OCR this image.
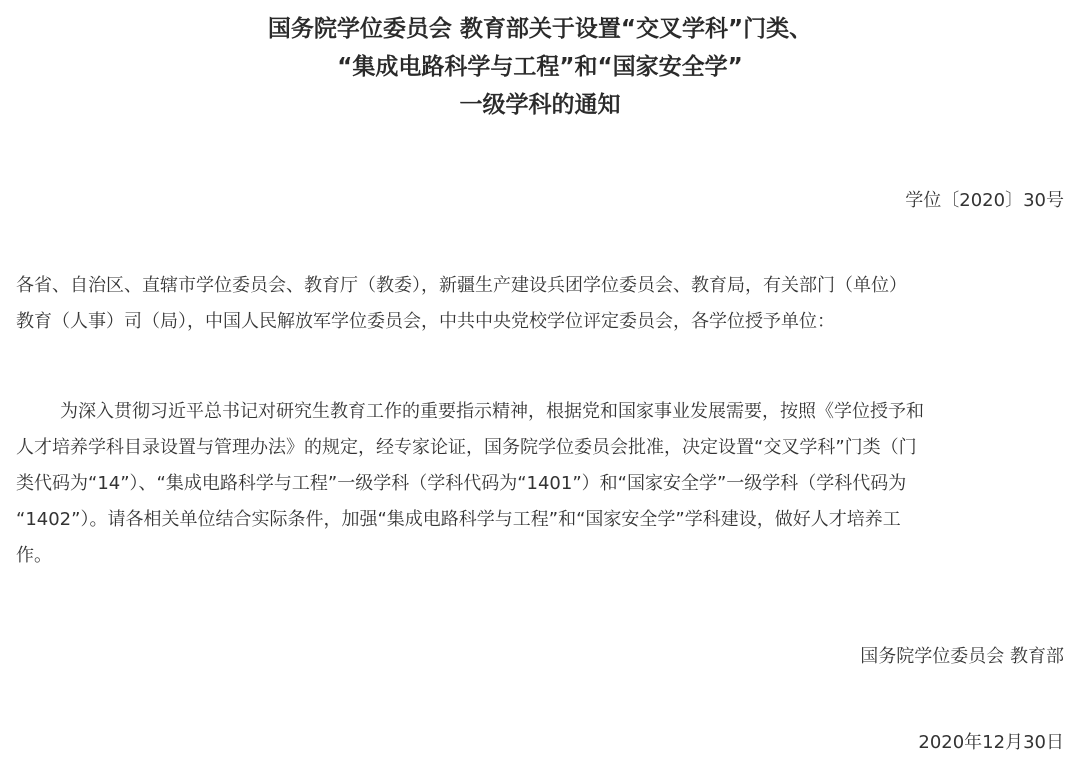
国务院学位委员会 教育部关于设置“交叉学科”门类、
“集成电路科学与工程”和“国家安全学”
一级学科的通知
学位〔2020〕30号
各省、自治区、直辖市学位委员会、教育厅（教委），新疆生产建设兵团学位委员会、教育局，有关部门（单位）
教育（人事）司（局），中国人民解放军学位委员会，中共中央党校学位评定委员会，各学位授予单位：
为深入贯彻习近平总书记对研究生教育工作的重要指示精神，根据党和国家事业发展需要，按照《学位授予和
人才培养学科目录设置与管理办法》的规定，经专家论证，国务院学位委员会批准，决定设置“交叉学科”门类（门
类代码为“14”）、“集成电路科学与工程”一级学科（学科代码为“1401”）和“国家安全学”一级学科（学科代码为
“1402”）。请各相关单位结合实际条件，加强“集成电路科学与工程”和“国家安全学”学科建设，做好人才培养工
作。
国务院学位委员会 教育部
2020年12月30日
